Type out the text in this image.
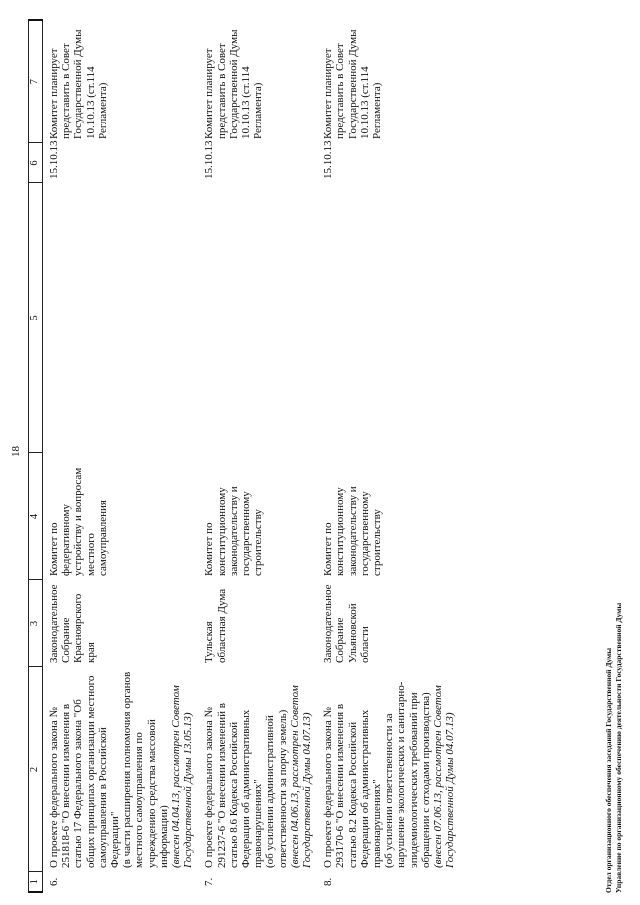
18
1	2	3	4	5	6	7
6.	О проекте федерального закона № 251818-6 "О внесении изменения в статью 17 Федерального закона "Об общих принципах организации местного самоуправления в Российской Федерации"
(в части расширения полномочия органов местного самоуправления по учреждению средства массовой информации)
(внесен 04.04.13, рассмотрен Советом Государственной Думы 13.05.13)	Законодательное Собрание Красноярского края	Комитет по федеративному устройству и вопросам местного самоуправления		15.10.13	Комитет планирует представить в Совет Государственной Думы 10.10.13 (ст.114 Регламента)
7.	О проекте федерального закона № 291237-6 "О внесении изменений в статью 8.6 Кодекса Российской Федерации об административных правонарушениях"
(об усилении административной ответственности за порчу земель)
(внесен 04.06.13, рассмотрен Советом Государственной Думы 04.07.13)	Тульская областная Дума	Комитет по конституционному законодательству и государственному строительству		15.10.13	Комитет планирует представить в Совет Государственной Думы 10.10.13 (ст.114 Регламента)
8.	О проекте федерального закона № 293170-6 "О внесении изменения в статью 8.2 Кодекса Российской Федерации об административных правонарушениях"
(об усилении ответственности за нарушение экологических и санитарно-эпидемиологических требований при обращении с отходами производства)
(внесен 07.06.13, рассмотрен Советом Государственной Думы 04.07.13)	Законодательное Собрание Ульяновской области	Комитет по конституционному законодательству и государственному строительству		15.10.13	Комитет планирует представить в Совет Государственной Думы 10.10.13 (ст.114 Регламента)
Отдел организационного обеспечения заседаний Государственной Думы Управление по организационному обеспечению деятельности Государственной Думы
